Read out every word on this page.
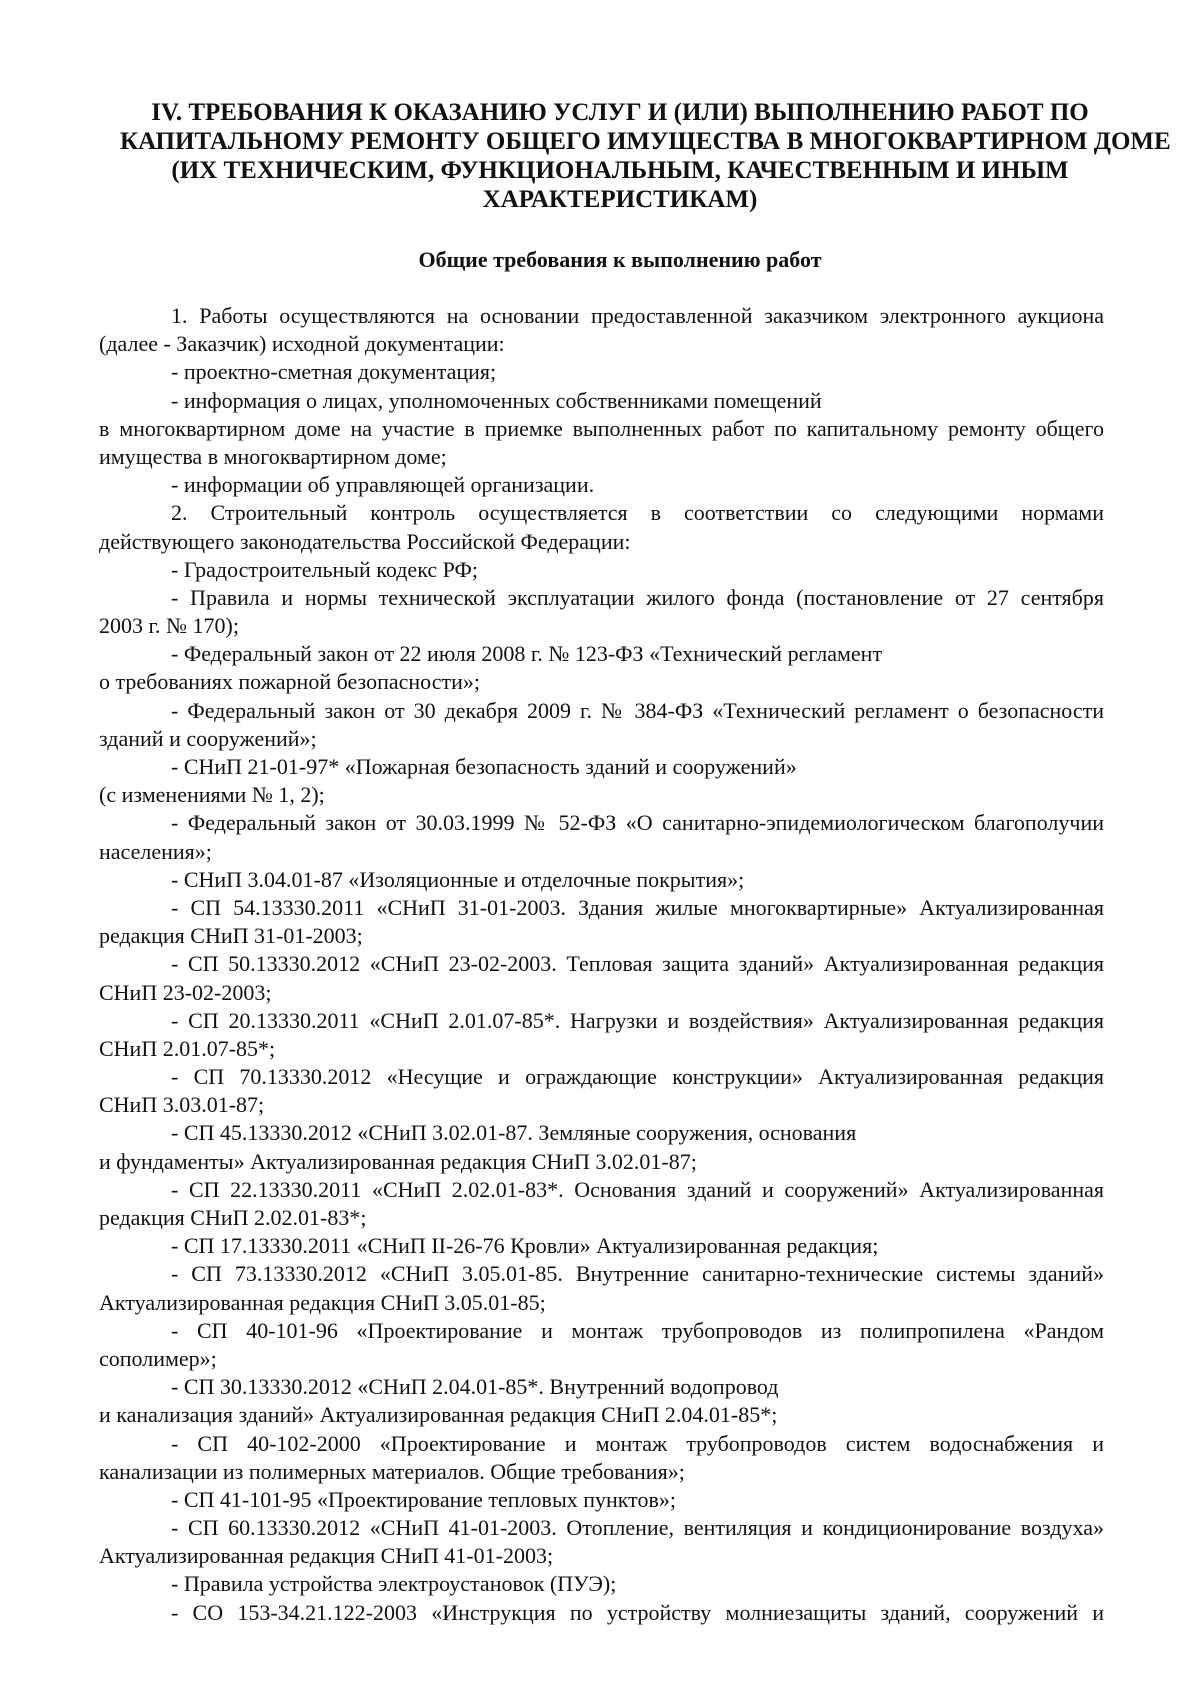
IV. ТРЕБОВАНИЯ К ОКАЗАНИЮ УСЛУГ И (ИЛИ) ВЫПОЛНЕНИЮ РАБОТ ПО
КАПИТАЛЬНОМУ РЕМОНТУ ОБЩЕГО ИМУЩЕСТВА В МНОГОКВАРТИРНОМ ДОМЕ
(ИХ ТЕХНИЧЕСКИМ, ФУНКЦИОНАЛЬНЫМ, КАЧЕСТВЕННЫМ И ИНЫМ
ХАРАКТЕРИСТИКАМ)
Общие требования к выполнению работ
1. Работы осуществляются на основании предоставленной заказчиком электронного аукциона
(далее - Заказчик) исходной документации:
- проектно-сметная документация;
- информация о лицах, уполномоченных собственниками помещений
в многоквартирном доме на участие в приемке выполненных работ по капитальному ремонту общего
имущества в многоквартирном доме;
- информации об управляющей организации.
2. Строительный контроль осуществляется в соответствии со следующими нормами
действующего законодательства Российской Федерации:
- Градостроительный кодекс РФ;
- Правила и нормы технической эксплуатации жилого фонда (постановление от 27 сентября
2003 г. № 170);
- Федеральный закон от 22 июля 2008 г. № 123-ФЗ «Технический регламент
о требованиях пожарной безопасности»;
- Федеральный закон от 30 декабря 2009 г. № 384-ФЗ «Технический регламент о безопасности
зданий и сооружений»;
- СНиП 21-01-97* «Пожарная безопасность зданий и сооружений»
(с изменениями № 1, 2);
- Федеральный закон от 30.03.1999 № 52-ФЗ «О санитарно-эпидемиологическом благополучии
населения»;
- СНиП 3.04.01-87 «Изоляционные и отделочные покрытия»;
- СП 54.13330.2011 «СНиП 31-01-2003. Здания жилые многоквартирные» Актуализированная
редакция СНиП 31-01-2003;
- СП 50.13330.2012 «СНиП 23-02-2003. Тепловая защита зданий» Актуализированная редакция
СНиП 23-02-2003;
- СП 20.13330.2011 «СНиП 2.01.07-85*. Нагрузки и воздействия» Актуализированная редакция
СНиП 2.01.07-85*;
- СП 70.13330.2012 «Несущие и ограждающие конструкции» Актуализированная редакция
СНиП 3.03.01-87;
- СП 45.13330.2012 «СНиП 3.02.01-87. Земляные сооружения, основания
и фундаменты» Актуализированная редакция СНиП 3.02.01-87;
- СП 22.13330.2011 «СНиП 2.02.01-83*. Основания зданий и сооружений» Актуализированная
редакция СНиП 2.02.01-83*;
- СП 17.13330.2011 «СНиП II-26-76 Кровли» Актуализированная редакция;
- СП 73.13330.2012 «СНиП 3.05.01-85. Внутренние санитарно-технические системы зданий»
Актуализированная редакция СНиП 3.05.01-85;
- СП 40-101-96 «Проектирование и монтаж трубопроводов из полипропилена «Рандом
сополимер»;
- СП 30.13330.2012 «СНиП 2.04.01-85*. Внутренний водопровод
и канализация зданий» Актуализированная редакция СНиП 2.04.01-85*;
- СП 40-102-2000 «Проектирование и монтаж трубопроводов систем водоснабжения и
канализации из полимерных материалов. Общие требования»;
- СП 41-101-95 «Проектирование тепловых пунктов»;
- СП 60.13330.2012 «СНиП 41-01-2003. Отопление, вентиляция и кондиционирование воздуха»
Актуализированная редакция СНиП 41-01-2003;
- Правила устройства электроустановок (ПУЭ);
- СО 153-34.21.122-2003 «Инструкция по устройству молниезащиты зданий, сооружений и
